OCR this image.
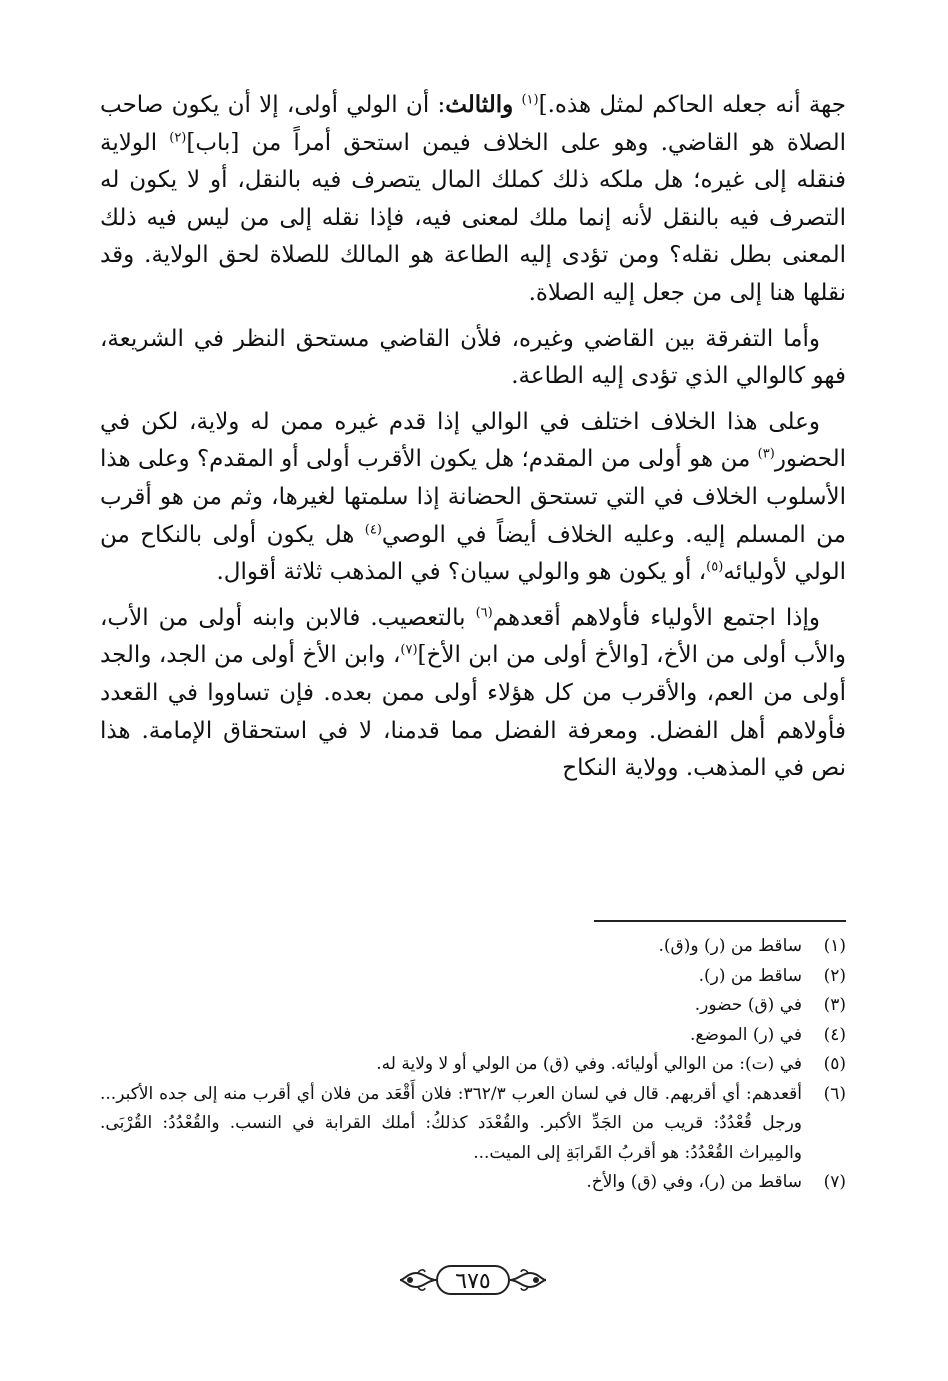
جهة أنه جعله الحاكم لمثل هذه.]$^{(١)}$ والثالث: أن الولي أولى، إلا أن يكون صاحب الصلاة هو القاضي. وهو على الخلاف فيمن استحق أمراً من [باب]$^{(٢)}$ الولاية فنقله إلى غيره؛ هل ملكه ذلك كملك المال يتصرف فيه بالنقل، أو لا يكون له التصرف فيه بالنقل لأنه إنما ملك لمعنى فيه، فإذا نقله إلى من ليس فيه ذلك المعنى بطل نقله؟ ومن تؤدى إليه الطاعة هو المالك للصلاة لحق الولاية. وقد نقلها هنا إلى من جعل إليه الصلاة.

وأما التفرقة بين القاضي وغيره، فلأن القاضي مستحق النظر في الشريعة، فهو كالوالي الذي تؤدى إليه الطاعة.

وعلى هذا الخلاف اختلف في الوالي إذا قدم غيره ممن له ولاية، لكن في الحضور$^{(٣)}$ من هو أولى من المقدم؛ هل يكون الأقرب أولى أو المقدم؟ وعلى هذا الأسلوب الخلاف في التي تستحق الحضانة إذا سلمتها لغيرها، وثم من هو أقرب من المسلم إليه. وعليه الخلاف أيضاً في الوصي$^{(٤)}$ هل يكون أولى بالنكاح من الولي لأوليائه$^{(٥)}$، أو يكون هو والولي سيان؟ في المذهب ثلاثة أقوال.

وإذا اجتمع الأولياء فأولاهم أقعدهم$^{(٦)}$ بالتعصيب. فالابن وابنه أولى من الأب، والأب أولى من الأخ، [والأخ أولى من ابن الأخ]$^{(٧)}$، وابن الأخ أولى من الجد، والجد أولى من العم، والأقرب من كل هؤلاء أولى ممن بعده. فإن تساووا في القعدد فأولاهم أهل الفضل. ومعرفة الفضل مما قدمنا، لا في استحقاق الإمامة. هذا نص في المذهب. وولاية النكاح

(١)
ساقط من (ر) و(ق).
(٢)
ساقط من (ر).
(٣)
في (ق) حضور.
(٤)
في (ر) الموضع.
(٥)
في (ت): من الوالي أوليائه. وفي (ق) من الولي أو لا ولاية له.
(٦)
أقعدهم: أي أقربهم. قال في لسان العرب ٣٦٢/٣: فلان أَقْعَد من فلان أي أقرب منه إلى جده الأكبر... ورجل قُعْدُدٌ: قريب من الجَدِّ الأكبر. والقُعْدَد كذلكُ: أملك القرابة في النسب. والقُعْدُدُ: القُرْبَى. والمِيراث القُعْدُدُ: هو أقربُ القَرابَةِ إلى الميت...
(٧)
ساقط من (ر)، وفي (ق) والأخ.
٦٧٥
